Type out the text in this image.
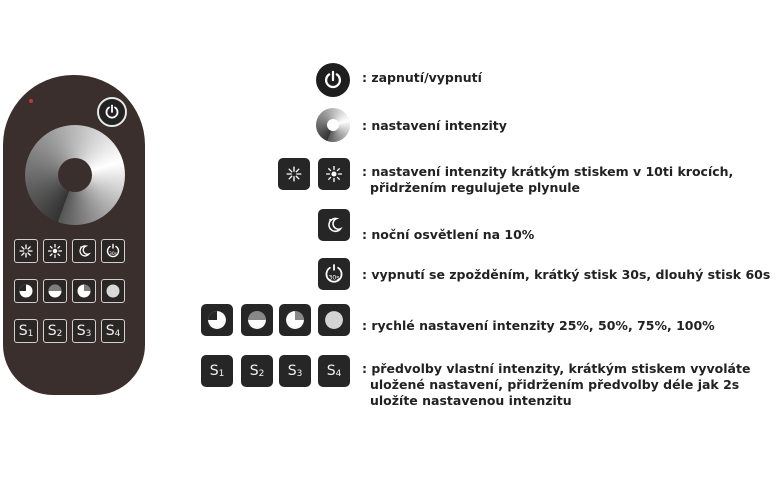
30s
$S_1$ $S_2$ $S_3$ $S_4$
: zapnutí/vypnutí
: nastavení intenzity
: nastavení intenzity krátkým stiskem v 10ti krocích,
přidržením regulujete plynule
: noční osvětlení na 10%
30s : vypnutí se zpožděním, krátký stisk 30s, dlouhý stisk 60s
: rychlé nastavení intenzity 25%, 50%, 75%, 100%
$S_1$ $S_2$ $S_3$ $S_4$ : předvolby vlastní intenzity, krátkým stiskem vyvoláte
uložené nastavení, přidržením předvolby déle jak 2s
uložíte nastavenou intenzitu
